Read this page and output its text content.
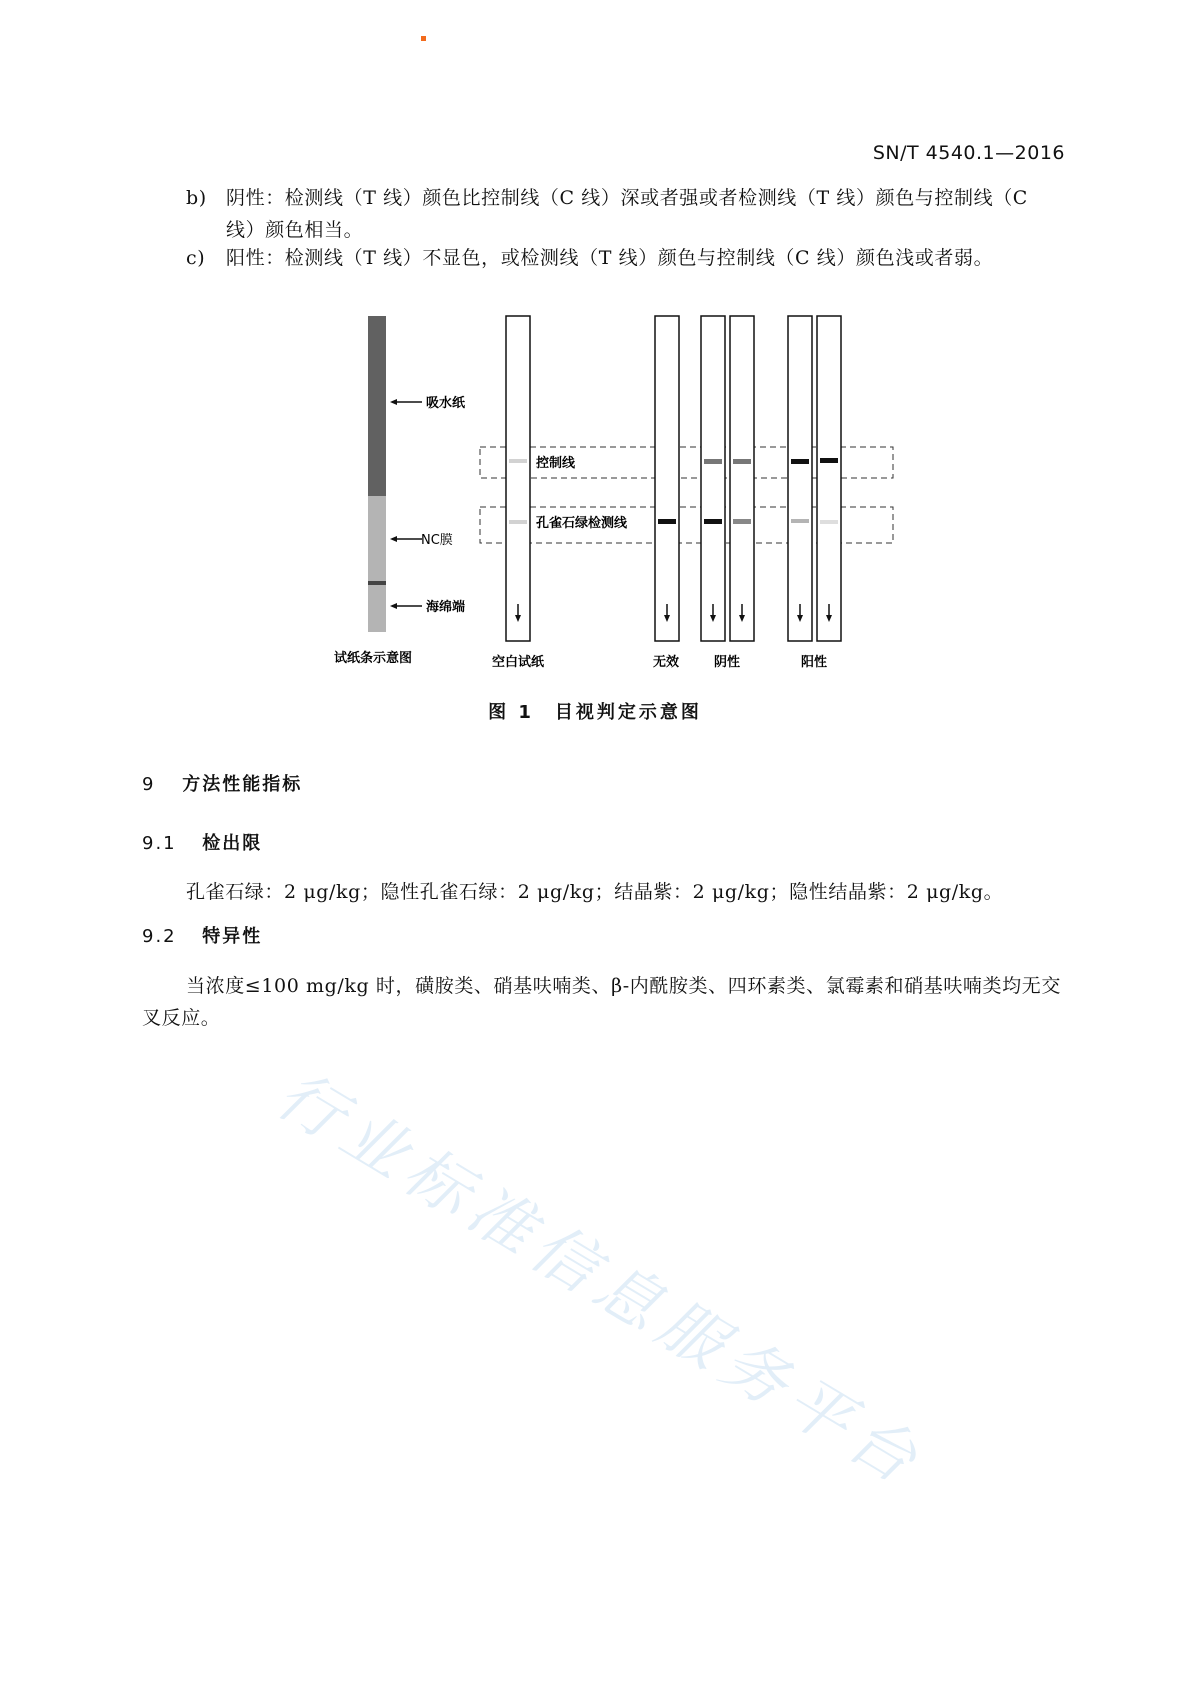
SN/T 4540.1—2016
b) 阴性：检测线（T 线）颜色比控制线（C 线）深或者强或者检测线（T 线）颜色与控制线（C 线）颜色相当。
c) 阳性：检测线（T 线）不显色，或检测线（T 线）颜色与控制线（C 线）颜色浅或者弱。
吸水纸
NC膜
海绵端
试纸条示意图
控制线
孔雀石绿检测线
空白试纸	无效	阴性	阳性
图 1　目视判定示意图
9 方法性能指标
9.1 检出限
孔雀石绿：2 μg/kg；隐性孔雀石绿：2 μg/kg；结晶紫：2 μg/kg；隐性结晶紫：2 μg/kg。
9.2 特异性
当浓度≤100 mg/kg 时，磺胺类、硝基呋喃类、β-内酰胺类、四环素类、氯霉素和硝基呋喃类均无交叉反应。
行业标准信息服务平台
